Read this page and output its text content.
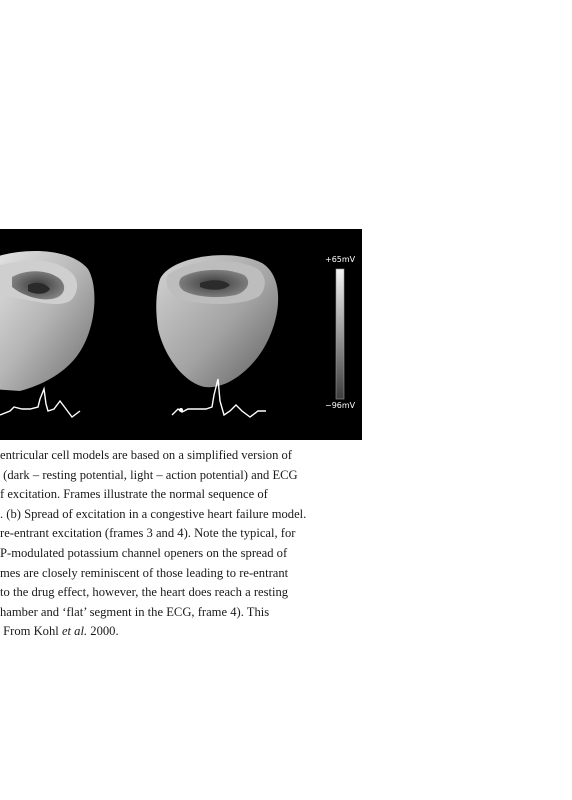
+65mV
−96mV

entricular cell models are based on a simplified version of
(dark – resting potential, light – action potential) and ECG
f excitation. Frames illustrate the normal sequence of
. (b) Spread of excitation in a congestive heart failure model.
re-entrant excitation (frames 3 and 4). Note the typical, for
P-modulated potassium channel openers on the spread of
mes are closely reminiscent of those leading to re-entrant
to the drug effect, however, the heart does reach a resting
hamber and ‘flat’ segment in the ECG, frame 4). This
From Kohl et al. 2000.
